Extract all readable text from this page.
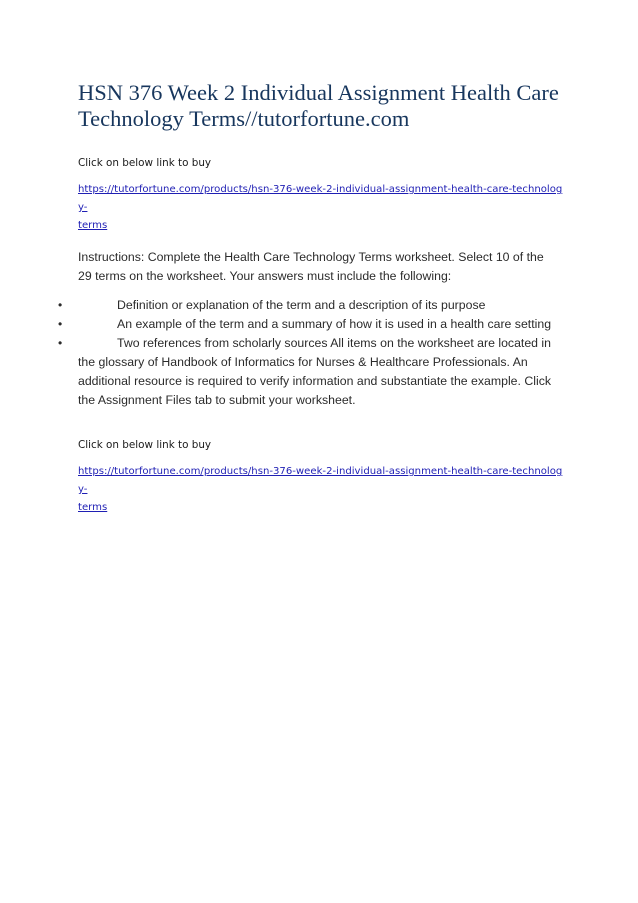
HSN 376 Week 2 Individual Assignment Health Care Technology Terms//tutorfortune.com

Click on below link to buy

https://tutorfortune.com/products/hsn-376-week-2-individual-assignment-health-care-technology-
terms

Instructions: Complete the Health Care Technology Terms worksheet. Select 10 of the 29 terms on the worksheet. Your answers must include the following:

•	Definition or explanation of the term and a description of its purpose
•	An example of the term and a summary of how it is used in a health care setting
•	Two references from scholarly sources All items on the worksheet are located in

the glossary of Handbook of Informatics for Nurses & Healthcare Professionals. An additional resource is required to verify information and substantiate the example. Click the Assignment Files tab to submit your worksheet.

Click on below link to buy

https://tutorfortune.com/products/hsn-376-week-2-individual-assignment-health-care-technology-
terms
